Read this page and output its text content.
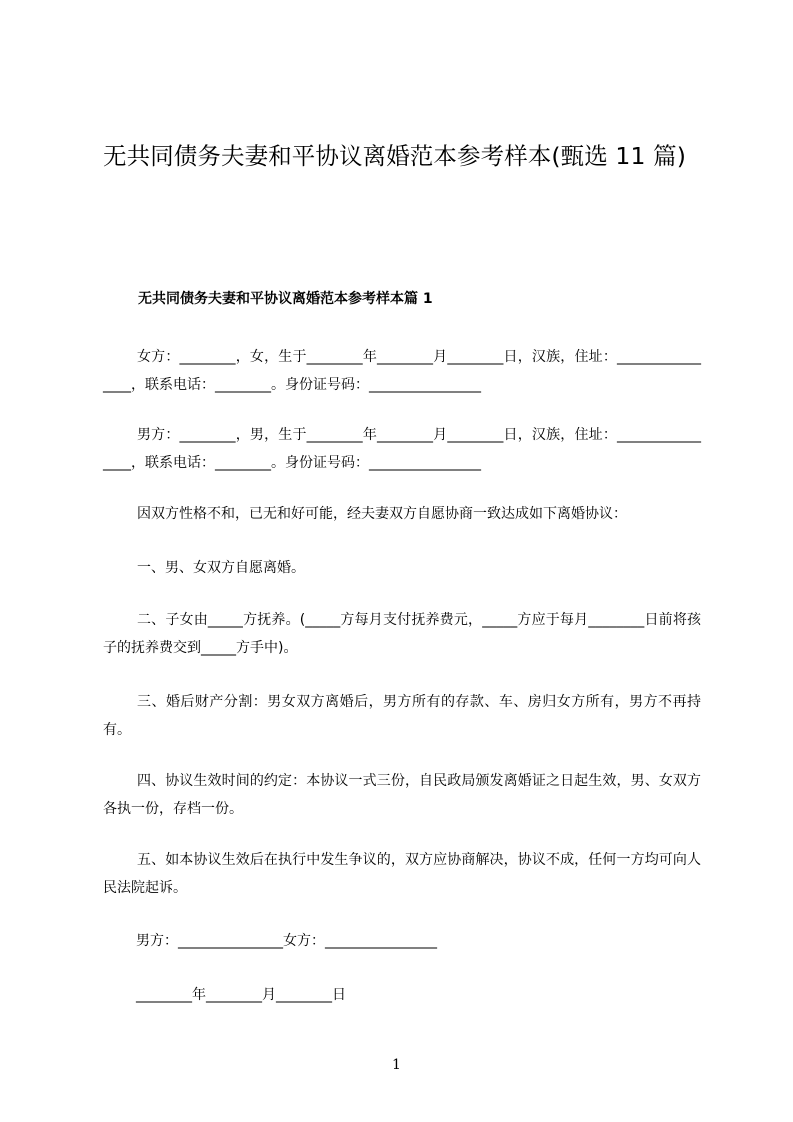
无共同债务夫妻和平协议离婚范本参考样本(甄选 11 篇)
无共同债务夫妻和平协议离婚范本参考样本篇 1

女方：________，女，生于________年________月________日，汉族，住址：________________，联系电话：________。身份证号码：________________

男方：________，男，生于________年________月________日，汉族，住址：________________，联系电话：________。身份证号码：________________

因双方性格不和，已无和好可能，经夫妻双方自愿协商一致达成如下离婚协议：

一、男、女双方自愿离婚。

二、子女由_____方抚养。(_____方每月支付抚养费元，_____方应于每月________日前将孩子的抚养费交到_____方手中)。

三、婚后财产分割：男女双方离婚后，男方所有的存款、车、房归女方所有，男方不再持有。

四、协议生效时间的约定：本协议一式三份，自民政局颁发离婚证之日起生效，男、女双方各执一份，存档一份。

五、如本协议生效后在执行中发生争议的，双方应协商解决，协议不成，任何一方均可向人民法院起诉。

男方：_______________女方：________________
________年________月________日
1
